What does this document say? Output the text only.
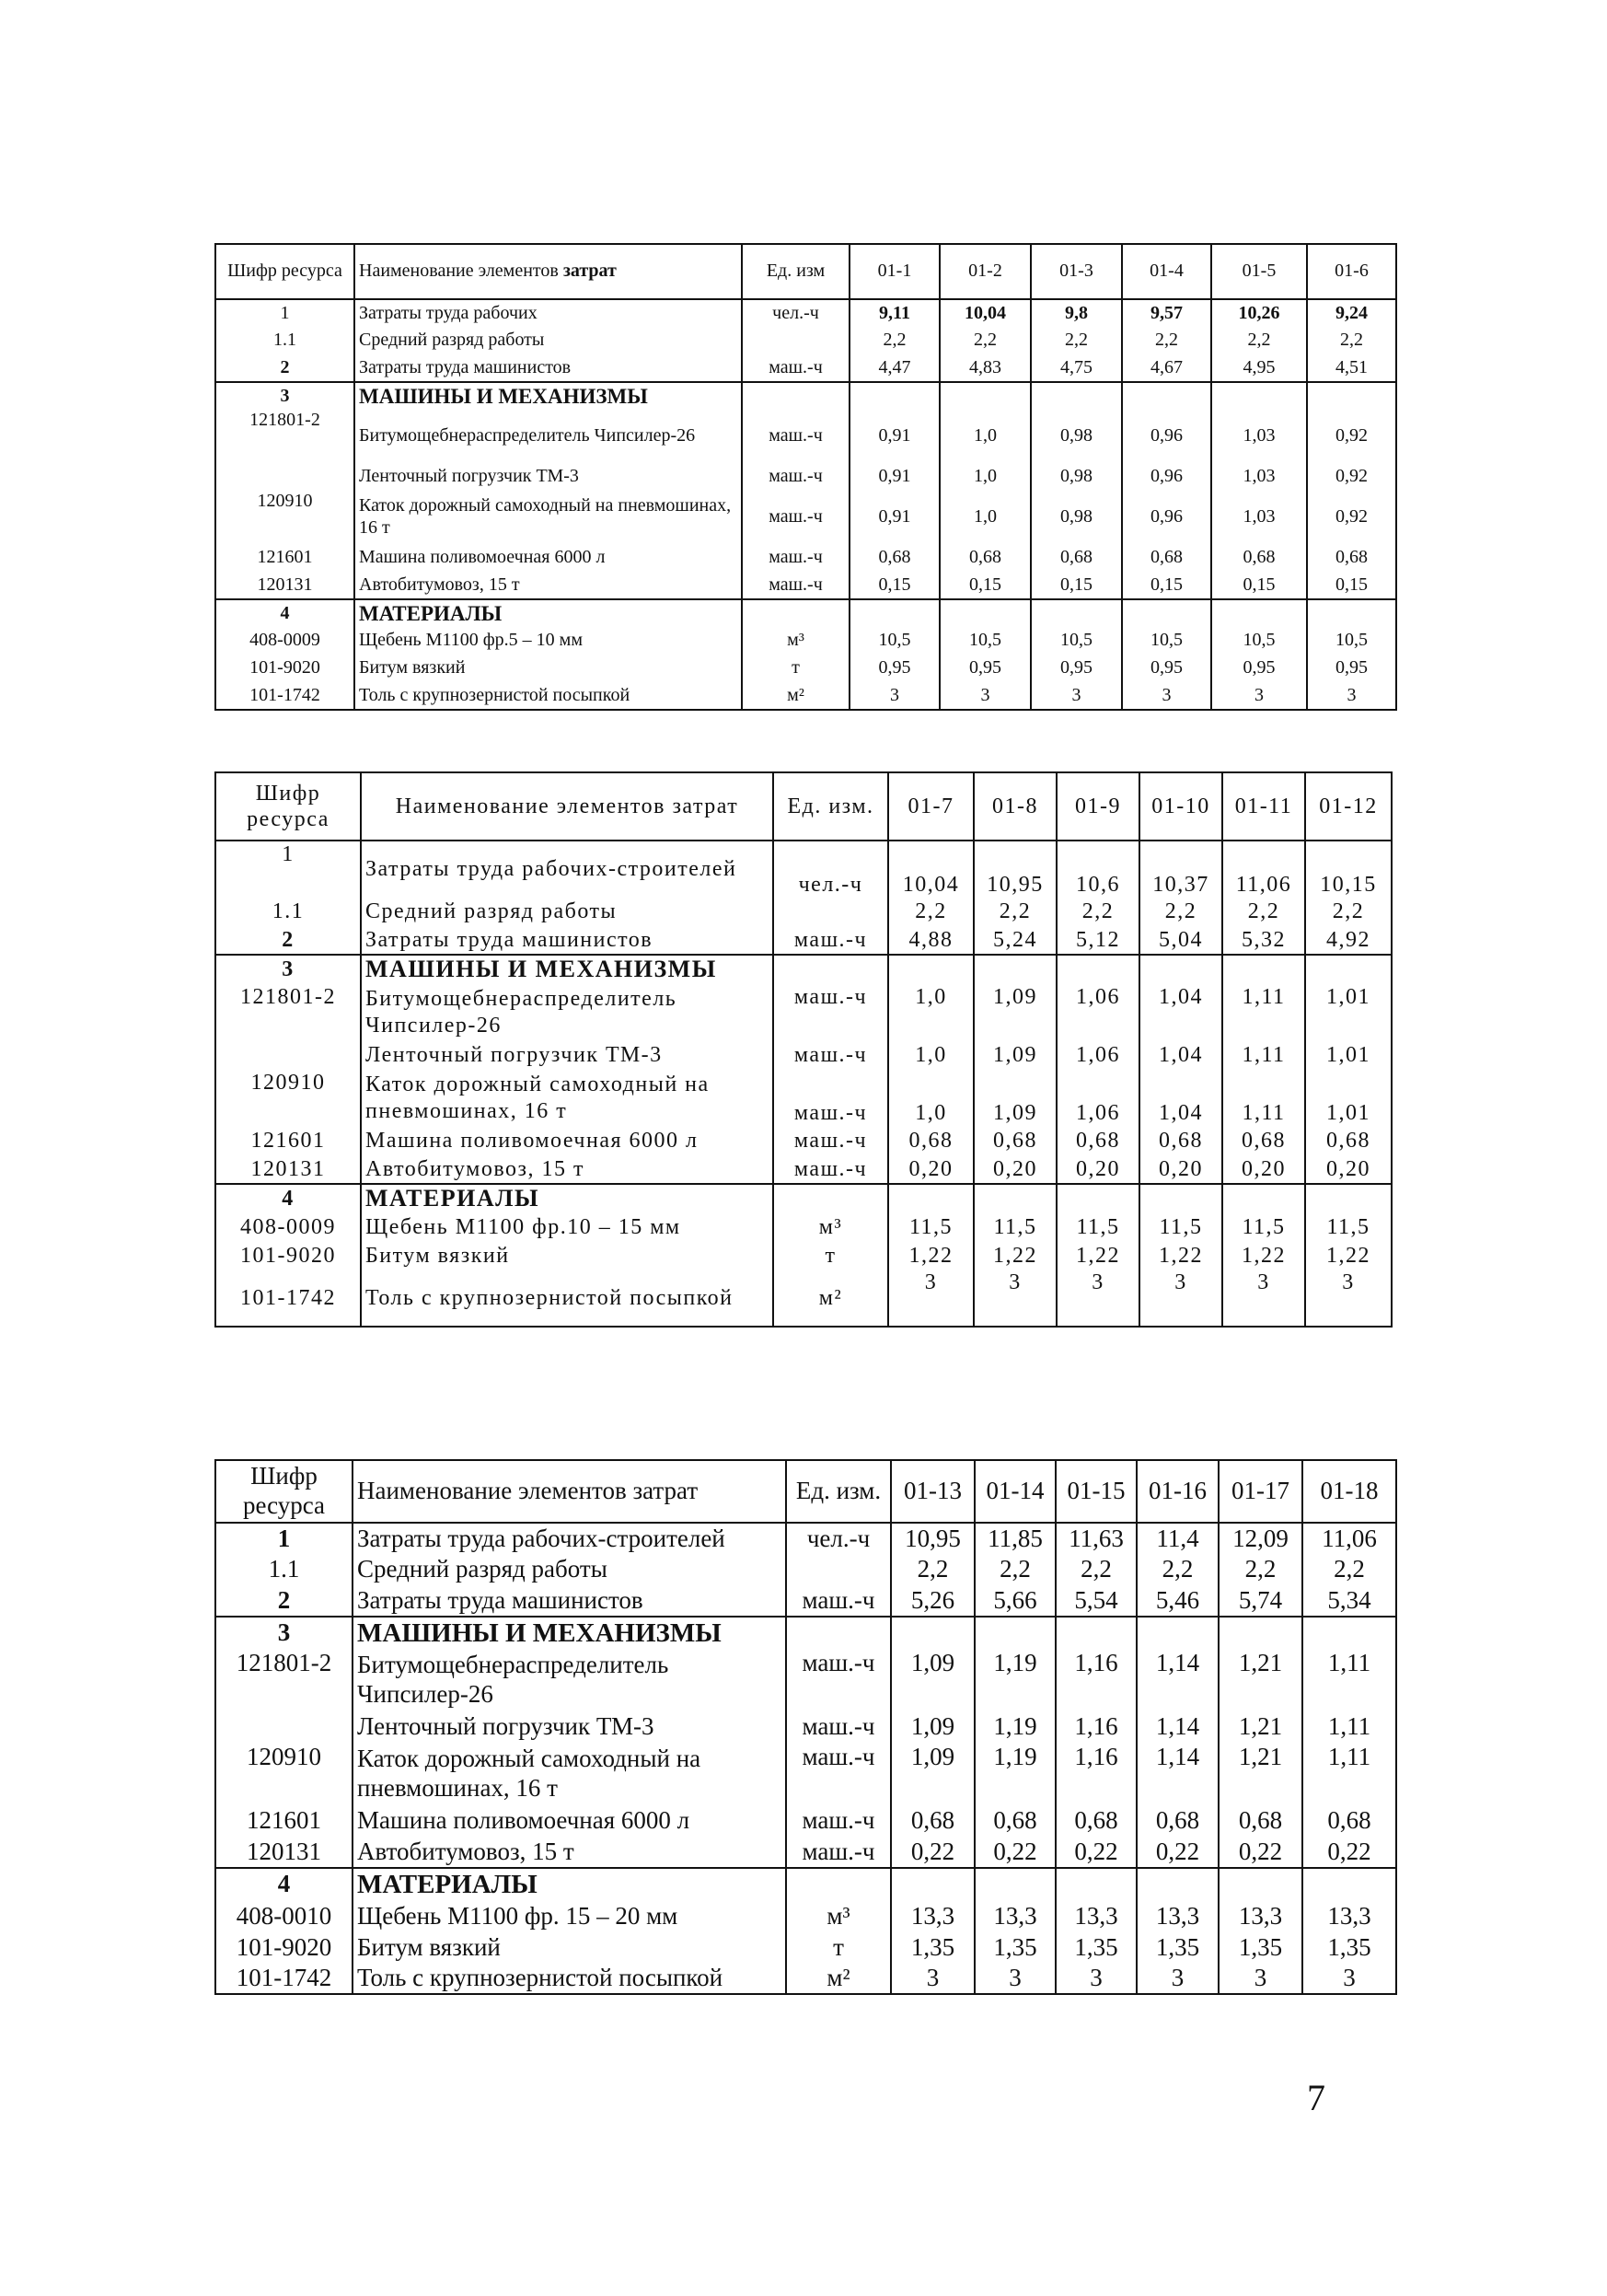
Шифр ресурса	Наименование элементов затрат	Ед. изм	01-1	01-2	01-3	01-4	01-5	01-6
1	Затраты труда рабочих	чел.-ч	9,11	10,04	9,8	9,57	10,26	9,24
1.1	Средний разряд работы		2,2	2,2	2,2	2,2	2,2	2,2
2	Затраты труда машинистов	маш.-ч	4,47	4,83	4,75	4,67	4,95	4,51
3	МАШИНЫ И МЕХАНИЗМЫ							
121801-2	Битумощебнераспределитель Чипсилер-26	маш.-ч	0,91	1,0	0,98	0,96	1,03	0,92
	Ленточный погрузчик ТМ-3	маш.-ч	0,91	1,0	0,98	0,96	1,03	0,92
120910	Каток дорожный самоходный на пневмошинах, 16 т	маш.-ч	0,91	1,0	0,98	0,96	1,03	0,92
121601	Машина поливомоечная 6000 л	маш.-ч	0,68	0,68	0,68	0,68	0,68	0,68
120131	Автобитумовоз, 15 т	маш.-ч	0,15	0,15	0,15	0,15	0,15	0,15
4	МАТЕРИАЛЫ							
408-0009	Щебень М1100 фр.5 – 10 мм	м³	10,5	10,5	10,5	10,5	10,5	10,5
101-9020	Битум вязкий	т	0,95	0,95	0,95	0,95	0,95	0,95
101-1742	Толь с крупнозернистой посыпкой	м²	3	3	3	3	3	3
Шифр ресурса	Наименование элементов затрат	Ед. изм.	01-7	01-8	01-9	01-10	01-11	01-12
1	Затраты труда рабочих-строителей	чел.-ч	10,04	10,95	10,6	10,37	11,06	10,15
1.1	Средний разряд работы		2,2	2,2	2,2	2,2	2,2	2,2
2	Затраты труда машинистов	маш.-ч	4,88	5,24	5,12	5,04	5,32	4,92
3	МАШИНЫ И МЕХАНИЗМЫ							
121801-2	Битумощебнераспределитель Чипсилер-26	маш.-ч	1,0	1,09	1,06	1,04	1,11	1,01
	Ленточный погрузчик ТМ-3	маш.-ч	1,0	1,09	1,06	1,04	1,11	1,01
120910	Каток дорожный самоходный на пневмошинах, 16 т	маш.-ч	1,0	1,09	1,06	1,04	1,11	1,01
121601	Машина поливомоечная 6000 л	маш.-ч	0,68	0,68	0,68	0,68	0,68	0,68
120131	Автобитумовоз, 15 т	маш.-ч	0,20	0,20	0,20	0,20	0,20	0,20
4	МАТЕРИАЛЫ							
408-0009	Щебень М1100 фр.10 – 15 мм	м³	11,5	11,5	11,5	11,5	11,5	11,5
101-9020	Битум вязкий	т	1,22	1,22	1,22	1,22	1,22	1,22
101-1742	Толь с крупнозернистой посыпкой	м²	3	3	3	3	3	3
Шифр ресурса	Наименование элементов затрат	Ед. изм.	01-13	01-14	01-15	01-16	01-17	01-18
1	Затраты труда рабочих-строителей	чел.-ч	10,95	11,85	11,63	11,4	12,09	11,06
1.1	Средний разряд работы		2,2	2,2	2,2	2,2	2,2	2,2
2	Затраты труда машинистов	маш.-ч	5,26	5,66	5,54	5,46	5,74	5,34
3	МАШИНЫ И МЕХАНИЗМЫ							
121801-2	Битумощебнераспределитель Чипсилер-26	маш.-ч	1,09	1,19	1,16	1,14	1,21	1,11
	Ленточный погрузчик ТМ-3	маш.-ч	1,09	1,19	1,16	1,14	1,21	1,11
120910	Каток дорожный самоходный на пневмошинах, 16 т	маш.-ч	1,09	1,19	1,16	1,14	1,21	1,11
121601	Машина поливомоечная 6000 л	маш.-ч	0,68	0,68	0,68	0,68	0,68	0,68
120131	Автобитумовоз, 15 т	маш.-ч	0,22	0,22	0,22	0,22	0,22	0,22
4	МАТЕРИАЛЫ							
408-0010	Щебень М1100 фр. 15 – 20 мм	м³	13,3	13,3	13,3	13,3	13,3	13,3
101-9020	Битум вязкий	т	1,35	1,35	1,35	1,35	1,35	1,35
101-1742	Толь с крупнозернистой посыпкой	м²	3	3	3	3	3	3
7
